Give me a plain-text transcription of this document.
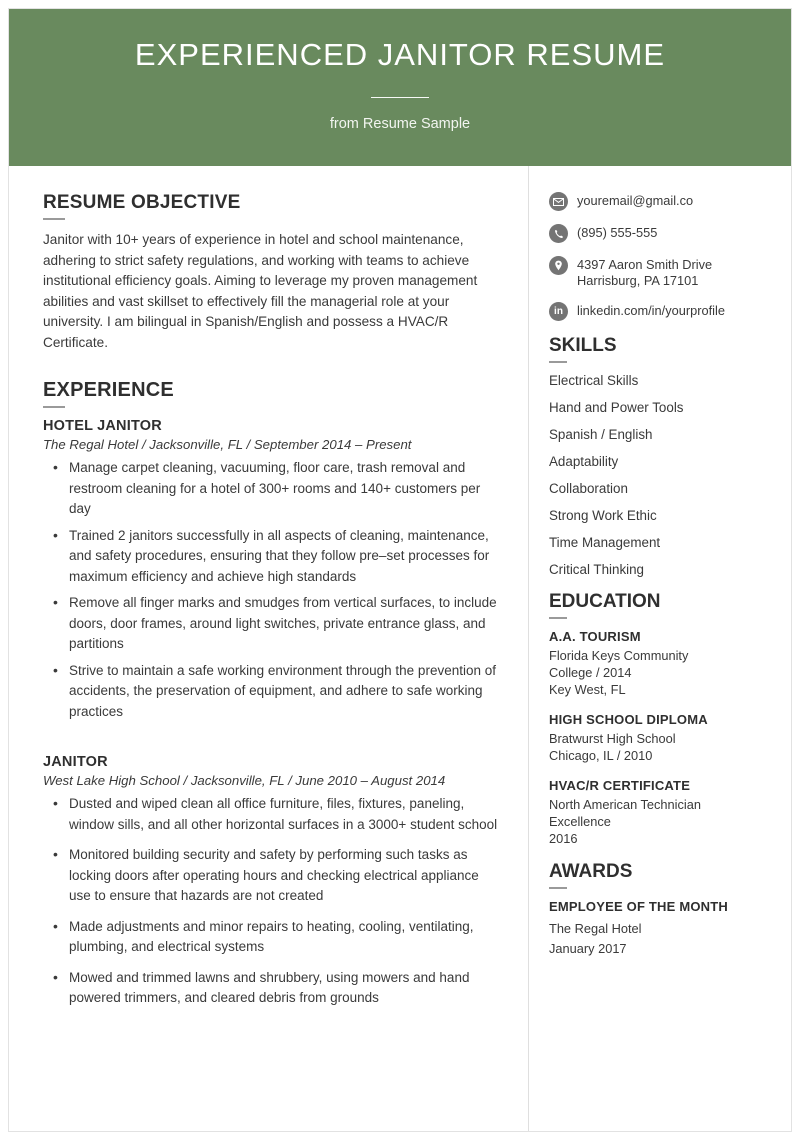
EXPERIENCED JANITOR RESUME
from Resume Sample
RESUME OBJECTIVE

Janitor with 10+ years of experience in hotel and school maintenance, adhering to strict safety regulations, and working with teams to achieve institutional efficiency goals. Aiming to leverage my proven management abilities and vast skillset to effectively fill the managerial role at your university. I am bilingual in Spanish/English and possess a HVAC/R Certificate.

EXPERIENCE
HOTEL JANITOR
The Regal Hotel / Jacksonville, FL / September 2014 – Present
• Manage carpet cleaning, vacuuming, floor care, trash removal and restroom cleaning for a hotel of 300+ rooms and 140+ customers per day
• Trained 2 janitors successfully in all aspects of cleaning, maintenance, and safety procedures, ensuring that they follow pre–set processes for maximum efficiency and achieve high standards
• Remove all finger marks and smudges from vertical surfaces, to include doors, door frames, around light switches, private entrance glass, and partitions
• Strive to maintain a safe working environment through the prevention of accidents, the preservation of equipment, and adhere to safe working practices
JANITOR
West Lake High School / Jacksonville, FL / June 2010 – August 2014
• Dusted and wiped clean all office furniture, files, fixtures, paneling, window sills, and all other horizontal surfaces in a 3000+ student school
• Monitored building security and safety by performing such tasks as locking doors after operating hours and checking electrical appliance use to ensure that hazards are not created
• Made adjustments and minor repairs to heating, cooling, ventilating, plumbing, and electrical systems
• Mowed and trimmed lawns and shrubbery, using mowers and hand powered trimmers, and cleared debris from grounds
youremail@gmail.co
(895) 555-555
4397 Aaron Smith Drive
Harrisburg, PA 17101
in	linkedin.com/in/yourprofile
SKILLS
Electrical Skills
Hand and Power Tools
Spanish / English
Adaptability
Collaboration
Strong Work Ethic
Time Management
Critical Thinking
EDUCATION
A.A. TOURISM
Florida Keys Community
College / 2014
Key West, FL
HIGH SCHOOL DIPLOMA
Bratwurst High School
Chicago, IL / 2010
HVAC/R CERTIFICATE
North American Technician
Excellence
2016
AWARDS
EMPLOYEE OF THE MONTH
The Regal Hotel
January 2017
